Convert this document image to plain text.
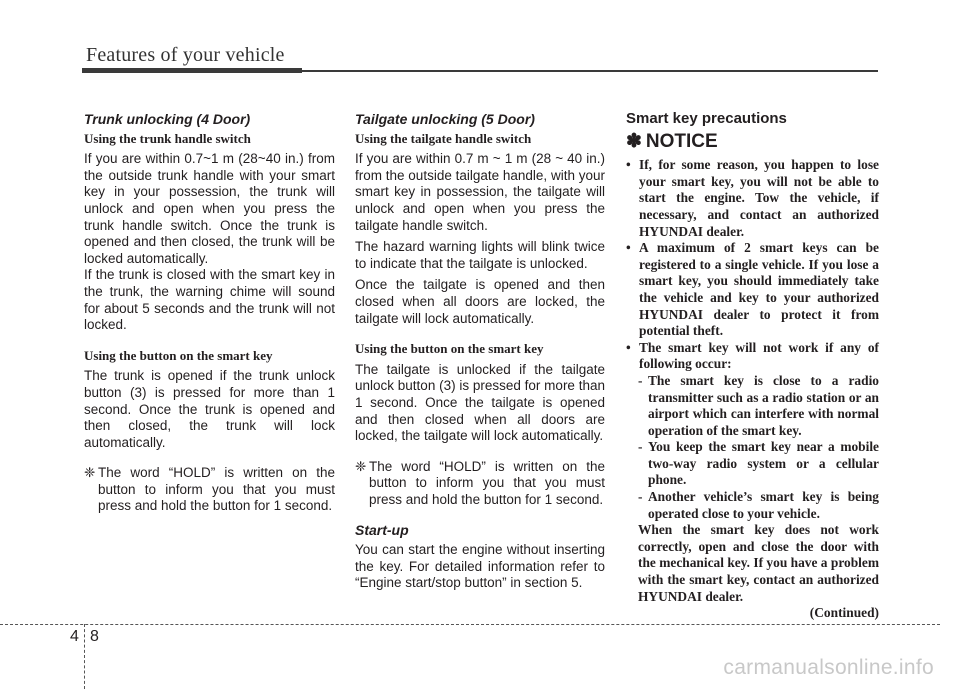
Features of your vehicle
Trunk unlocking (4 Door)
Using the trunk handle switch

If you are within 0.7~1 m (28~40 in.) from the outside trunk handle with your smart key in your possession, the trunk will unlock and open when you press the trunk handle switch. Once the trunk is opened and then closed, the trunk will be locked automatically.

If the trunk is closed with the smart key in the trunk, the warning chime will sound for about 5 seconds and the trunk will not locked.

Using the button on the smart key

The trunk is opened if the trunk unlock button (3) is pressed for more than 1 second. Once the trunk is opened and then closed, the trunk will lock automatically.

❈ The word “HOLD” is written on the button to inform you that you must press and hold the button for 1 second.
Tailgate unlocking (5 Door)
Using the tailgate handle switch

If you are within 0.7 m ~ 1 m (28 ~ 40 in.) from the outside tailgate handle, with your smart key in possession, the tailgate will unlock and open when you press the tailgate handle switch.

The hazard warning lights will blink twice to indicate that the tailgate is unlocked.

Once the tailgate is opened and then closed when all doors are locked, the tailgate will lock automatically.

Using the button on the smart key

The tailgate is unlocked if the tailgate unlock button (3) is pressed for more than 1 second. Once the tailgate is opened and then closed when all doors are locked, the tailgate will lock automatically.

❈ The word “HOLD” is written on the button to inform you that you must press and hold the button for 1 second.
Start-up

You can start the engine without inserting the key. For detailed information refer to “Engine start/stop button” in section 5.

Smart key precautions
✽ NOTICE
• If, for some reason, you happen to lose your smart key, you will not be able to start the engine. Tow the vehicle, if necessary, and contact an authorized HYUNDAI dealer.
• A maximum of 2 smart keys can be registered to a single vehicle. If you lose a smart key, you should immediately take the vehicle and key to your authorized HYUNDAI dealer to protect it from potential theft.
• The smart key will not work if any of following occur:
- The smart key is close to a radio transmitter such as a radio station or an airport which can interfere with normal operation of the smart key.
- You keep the smart key near a mobile two-way radio system or a cellular phone.
- Another vehicle’s smart key is being operated close to your vehicle.
When the smart key does not work correctly, open and close the door with the mechanical key. If you have a problem with the smart key, contact an authorized HYUNDAI dealer.
(Continued)
4 8
carmanualsonline.info
